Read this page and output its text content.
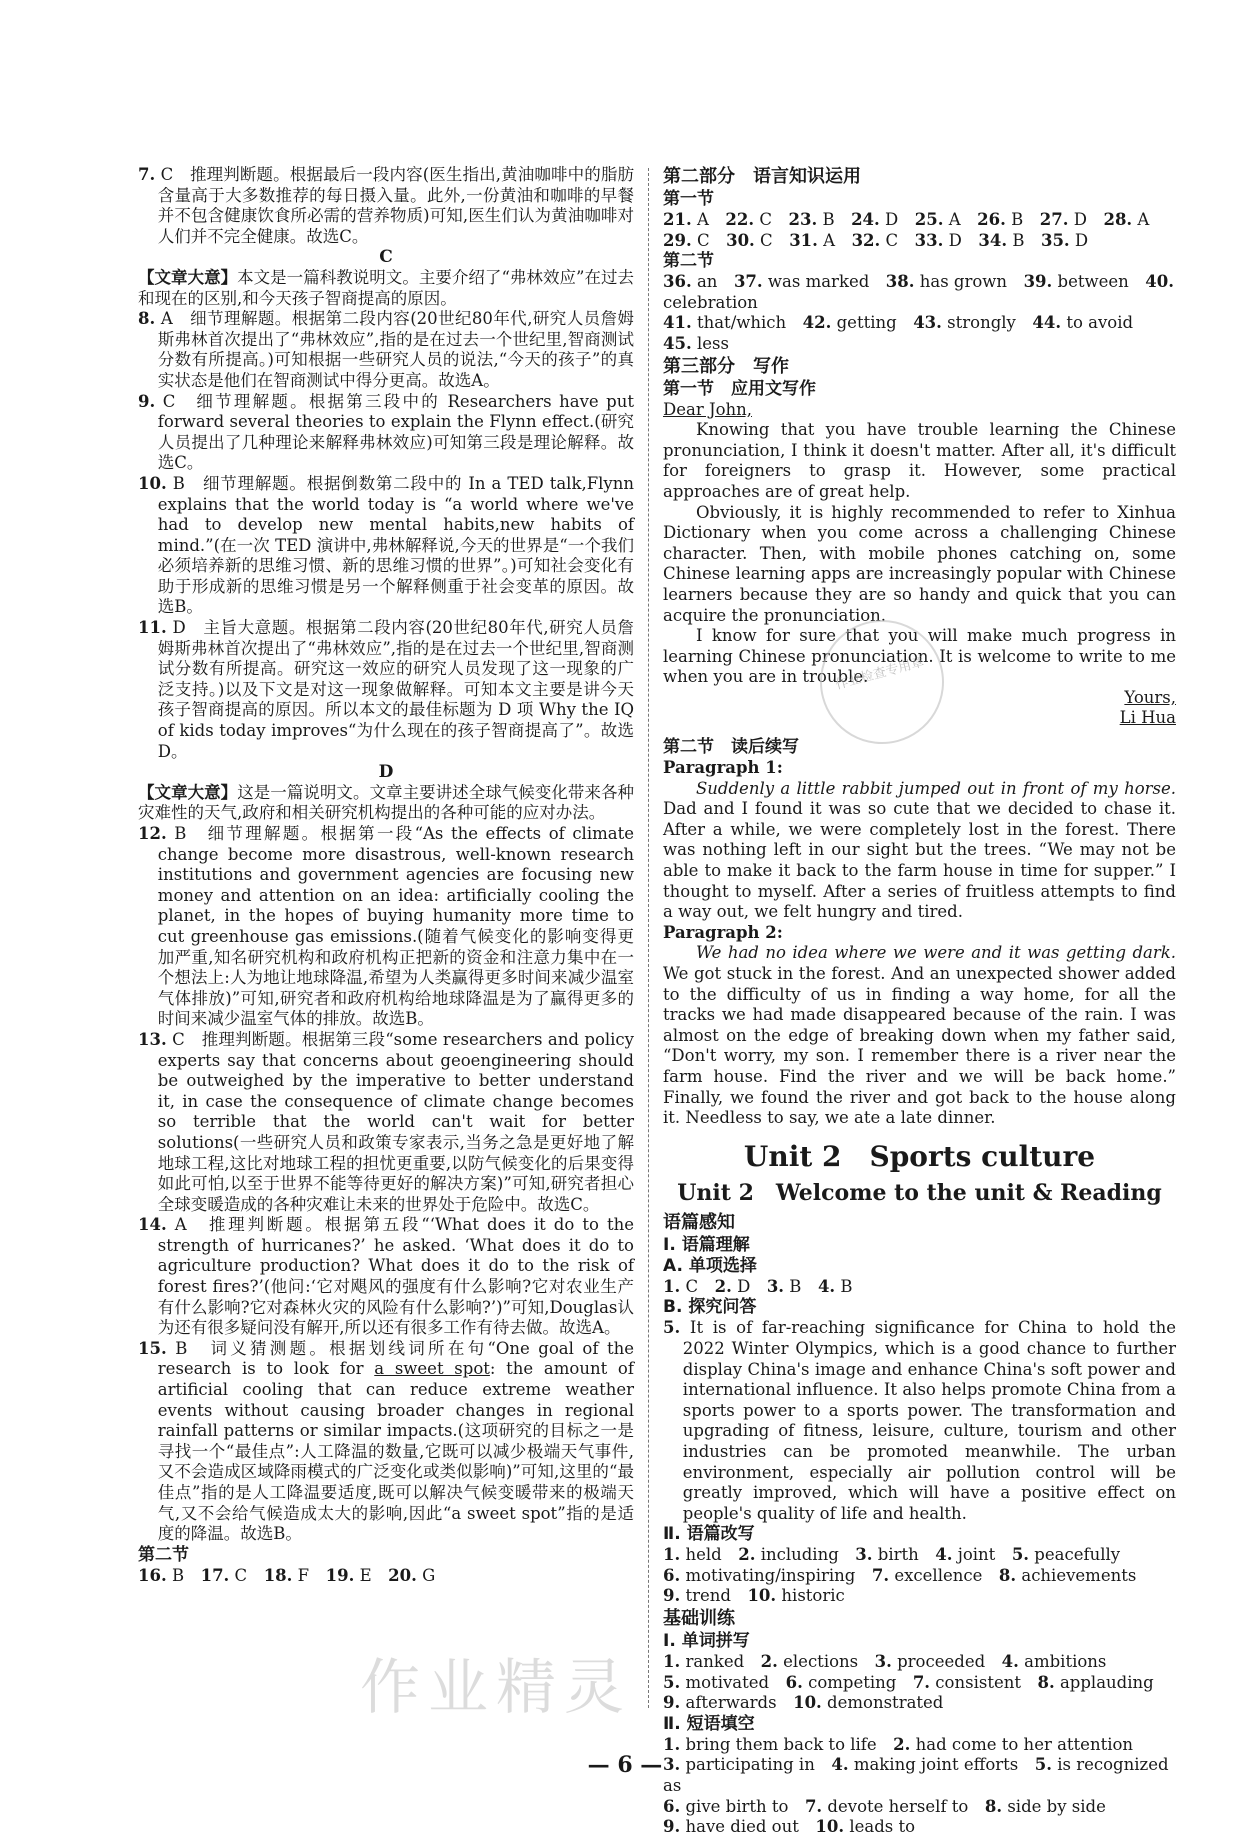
7. C　推理判断题。根据最后一段内容(医生指出,黄油咖啡中的脂肪含量高于大多数推荐的每日摄入量。此外,一份黄油和咖啡的早餐并不包含健康饮食所必需的营养物质)可知,医生们认为黄油咖啡对人们并不完全健康。故选C。

C

【文章大意】本文是一篇科教说明文。主要介绍了“弗林效应”在过去和现在的区别,和今天孩子智商提高的原因。

8. A　细节理解题。根据第二段内容(20世纪80年代,研究人员詹姆斯弗林首次提出了“弗林效应”,指的是在过去一个世纪里,智商测试分数有所提高。)可知根据一些研究人员的说法,“今天的孩子”的真实状态是他们在智商测试中得分更高。故选A。

9. C　细节理解题。根据第三段中的 Researchers have put forward several theories to explain the Flynn effect.(研究人员提出了几种理论来解释弗林效应)可知第三段是理论解释。故选C。

10. B　细节理解题。根据倒数第二段中的 In a TED talk,Flynn explains that the world today is “a world where we've had to develop new mental habits,new habits of mind.”(在一次 TED 演讲中,弗林解释说,今天的世界是“一个我们必须培养新的思维习惯、新的思维习惯的世界”。)可知社会变化有助于形成新的思维习惯是另一个解释侧重于社会变革的原因。故选B。

11. D　主旨大意题。根据第二段内容(20世纪80年代,研究人员詹姆斯弗林首次提出了“弗林效应”,指的是在过去一个世纪里,智商测试分数有所提高。研究这一效应的研究人员发现了这一现象的广泛支持。)以及下文是对这一现象做解释。可知本文主要是讲今天孩子智商提高的原因。所以本文的最佳标题为 D 项 Why the IQ of kids today improves“为什么现在的孩子智商提高了”。故选D。

D

【文章大意】这是一篇说明文。文章主要讲述全球气候变化带来各种灾难性的天气,政府和相关研究机构提出的各种可能的应对办法。

12. B　细节理解题。根据第一段“As the effects of climate change become more disastrous, well-known research institutions and government agencies are focusing new money and attention on an idea: artificially cooling the planet, in the hopes of buying humanity more time to cut greenhouse gas emissions.(随着气候变化的影响变得更加严重,知名研究机构和政府机构正把新的资金和注意力集中在一个想法上:人为地让地球降温,希望为人类赢得更多时间来减少温室气体排放)”可知,研究者和政府机构给地球降温是为了赢得更多的时间来减少温室气体的排放。故选B。

13. C　推理判断题。根据第三段“some researchers and policy experts say that concerns about geoengineering should be outweighed by the imperative to better understand it, in case the consequence of climate change becomes so terrible that the world can't wait for better solutions(一些研究人员和政策专家表示,当务之急是更好地了解地球工程,这比对地球工程的担忧更重要,以防气候变化的后果变得如此可怕,以至于世界不能等待更好的解决方案)”可知,研究者担心全球变暖造成的各种灾难让未来的世界处于危险中。故选C。

14. A　推理判断题。根据第五段“‘What does it do to the strength of hurricanes?’ he asked. ‘What does it do to agriculture production? What does it do to the risk of forest fires?’(他问:‘它对飓风的强度有什么影响?它对农业生产有什么影响?它对森林火灾的风险有什么影响?’)”可知,Douglas认为还有很多疑问没有解开,所以还有很多工作有待去做。故选A。

15. B　词义猜测题。根据划线词所在句“One goal of the research is to look for a sweet spot: the amount of artificial cooling that can reduce extreme weather events without causing broader changes in regional rainfall patterns or similar impacts.(这项研究的目标之一是寻找一个“最佳点”:人工降温的数量,它既可以减少极端天气事件,又不会造成区域降雨模式的广泛变化或类似影响)”可知,这里的“最佳点”指的是人工降温要适度,既可以解决气候变暖带来的极端天气,又不会给气候造成太大的影响,因此“a sweet spot”指的是适度的降温。故选B。

第二节

16. B  17. C  18. F  19. E  20. G

第二部分　语言知识运用

第一节

21. A  22. C  23. B  24. D  25. A  26. B  27. D  28. A

29. C  30. C  31. A  32. C  33. D  34. B  35. D

第二节

36. an  37. was marked  38. has grown  39. between  40. celebration

41. that/which  42. getting  43. strongly  44. to avoid 45. less

第三部分　写作

第一节　应用文写作

Dear John,

Knowing that you have trouble learning the Chinese pronunciation, I think it doesn't matter. After all, it's difficult for foreigners to grasp it. However, some practical approaches are of great help.

Obviously, it is highly recommended to refer to Xinhua Dictionary when you come across a challenging Chinese character. Then, with mobile phones catching on, some Chinese learning apps are increasingly popular with Chinese learners because they are so handy and quick that you can acquire the pronunciation.

I know for sure that you will make much progress in learning Chinese pronunciation. It is welcome to write to me when you are in trouble.

Yours,

Li Hua

第二节　读后续写

Paragraph 1:

Suddenly a little rabbit jumped out in front of my horse. Dad and I found it was so cute that we decided to chase it. After a while, we were completely lost in the forest. There was nothing left in our sight but the trees. “We may not be able to make it back to the farm house in time for supper.” I thought to myself. After a series of fruitless attempts to find a way out, we felt hungry and tired.

Paragraph 2:

We had no idea where we were and it was getting dark. We got stuck in the forest. And an unexpected shower added to the difficulty of us in finding a way home, for all the tracks we had made disappeared because of the rain. I was almost on the edge of breaking down when my father said, “Don't worry, my son. I remember there is a river near the farm house. Find the river and we will be back home.” Finally, we found the river and got back to the house along it. Needless to say, we ate a late dinner.

Unit 2　Sports culture

Unit 2　Welcome to the unit & Reading

语篇感知

Ⅰ. 语篇理解

A. 单项选择

1. C  2. D  3. B  4. B

B. 探究问答

5. It is of far-reaching significance for China to hold the 2022 Winter Olympics, which is a good chance to further display China's image and enhance China's soft power and international influence. It also helps promote China from a sports power to a sports power. The transformation and upgrading of fitness, leisure, culture, tourism and other industries can be promoted meanwhile. The urban environment, especially air pollution control will be greatly improved, which will have a positive effect on people's quality of life and health.

Ⅱ. 语篇改写

1. held  2. including  3. birth  4. joint  5. peacefully

6. motivating/inspiring  7. excellence  8. achievements

9. trend  10. historic

基础训练

Ⅰ. 单词拼写

1. ranked  2. elections  3. proceeded  4. ambitions

5. motivated  6. competing  7. consistent  8. applauding

9. afterwards  10. demonstrated

Ⅱ. 短语填空

1. bring them back to life  2. had come to her attention

3. participating in  4. making joint efforts  5. is recognized as

6. give birth to  7. devote herself to  8. side by side

9. have died out  10. leads to

作业检查专用章
作业精灵
— 6 —
